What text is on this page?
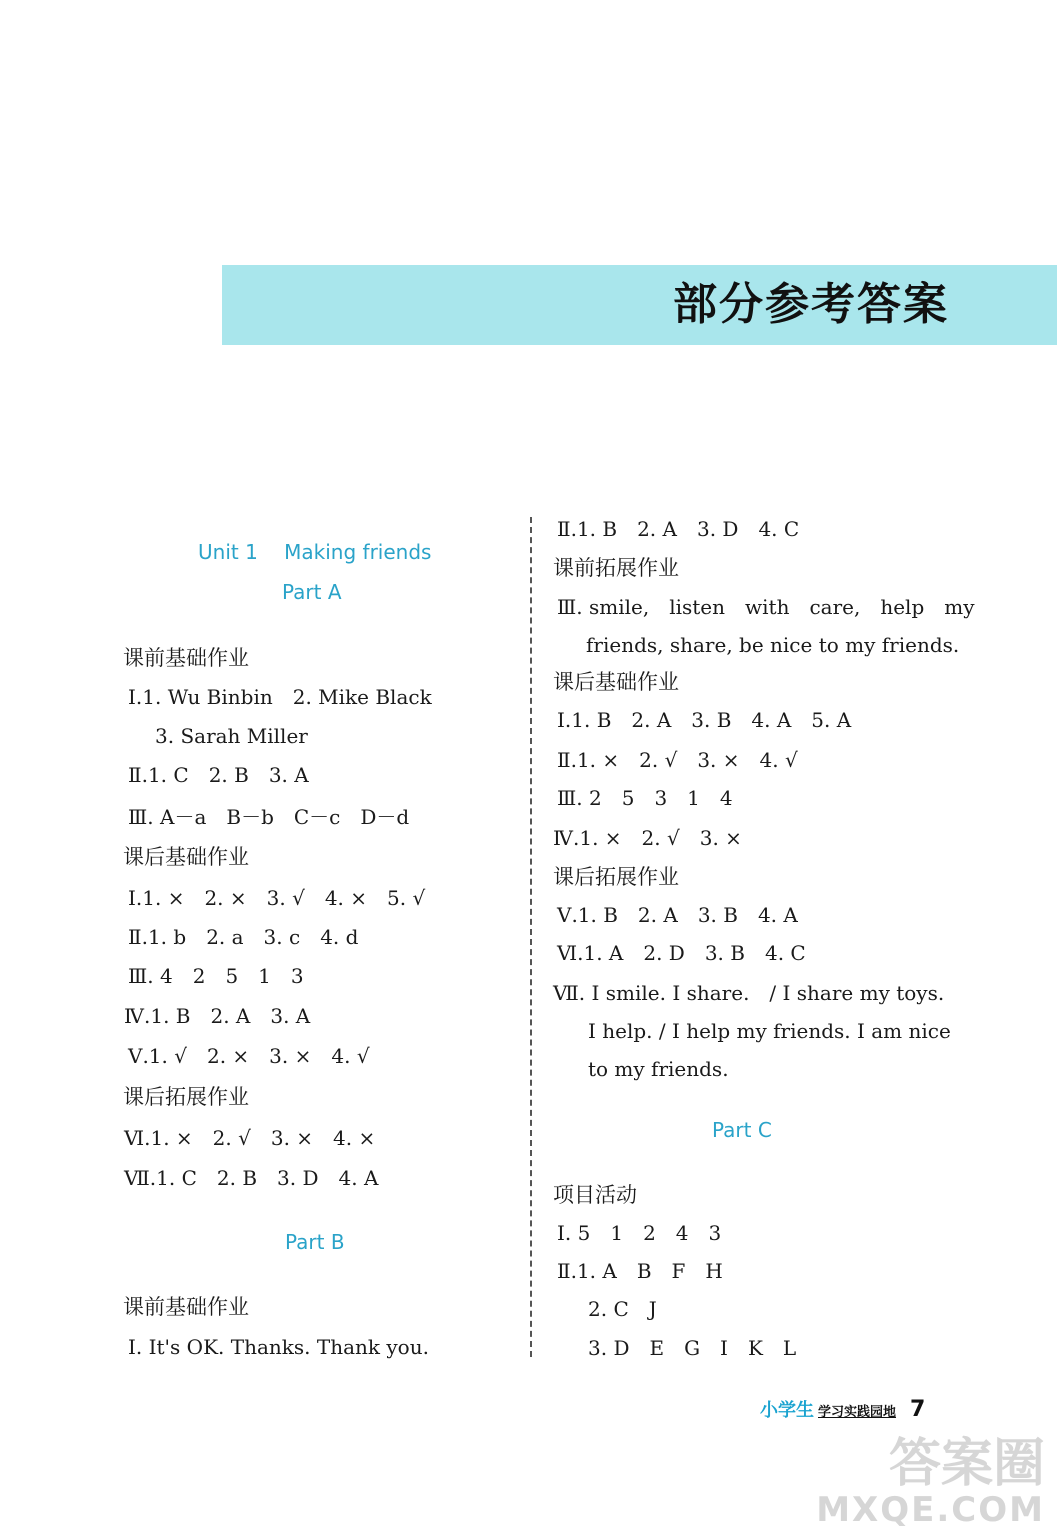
部分参考答案
Unit 1　 Making friends
Part A
课前基础作业
Ⅰ.1. Wu Binbin　2. Mike Black
3. Sarah Miller
Ⅱ.1. C　2. B　3. A
Ⅲ. A－a　B－b　C－c　D－d
课后基础作业
Ⅰ.1. ×　2. ×　3. √　4. ×　5. √
Ⅱ.1. b　2. a　3. c　4. d
Ⅲ. 4　2　5　1　3
Ⅳ.1. B　2. A　3. A
Ⅴ.1. √　2. ×　3. ×　4. √
课后拓展作业
Ⅵ.1. ×　2. √　3. ×　4. ×
Ⅶ.1. C　2. B　3. D　4. A
Part B
课前基础作业
Ⅰ. It's OK. Thanks. Thank you.
Ⅱ.1. B　2. A　3. D　4. C
课前拓展作业
Ⅲ. smile,　listen　with　care,　help　my
friends, share, be nice to my friends.
课后基础作业
Ⅰ.1. B　2. A　3. B　4. A　5. A
Ⅱ.1. ×　2. √　3. ×　4. √
Ⅲ. 2　5　3　1　4
Ⅳ.1. ×　2. √　3. ×
课后拓展作业
Ⅴ.1. B　2. A　3. B　4. A
Ⅵ.1. A　2. D　3. B　4. C
Ⅶ. I smile. I share.　/ I share my toys.
I help. / I help my friends. I am nice
to my friends.
Part C
项目活动
Ⅰ. 5　1　2　4　3
Ⅱ.1. A　B　F　H
2. C　J
3. D　E　G　I　K　L
小学生 学习实践园地 7
答案圈
MXQE.COM
